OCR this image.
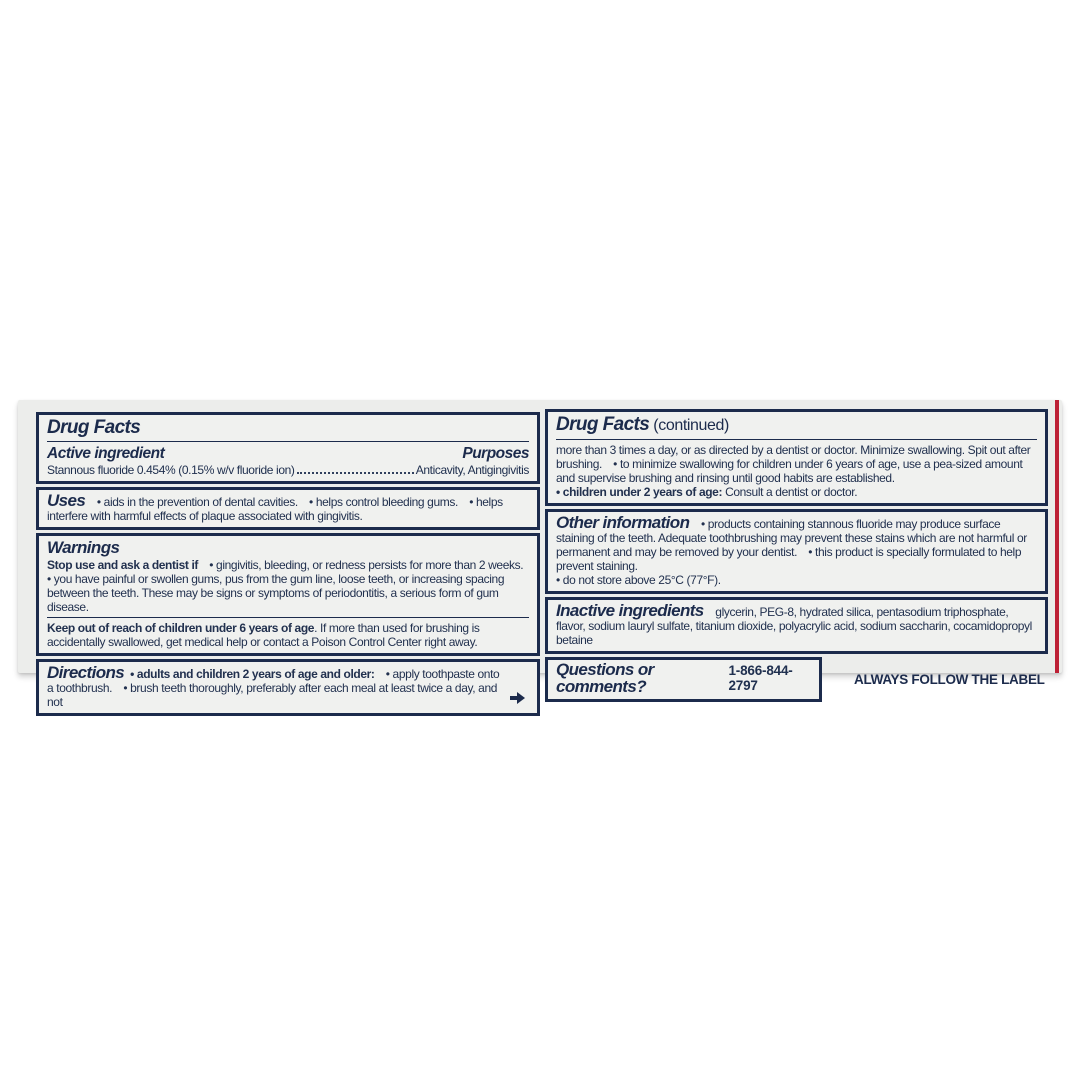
Drug Facts
Active ingredient	Purposes
Stannous fluoride 0.454% (0.15% w/v fluoride ion)	Anticavity, Antigingivitis

Uses • aids in the prevention of dental cavities.  • helps control bleeding gums.  • helps interfere with harmful effects of plaque associated with gingivitis.

Warnings

Stop use and ask a dentist if  • gingivitis, bleeding, or redness persists for more than 2 weeks.

• you have painful or swollen gums, pus from the gum line, loose teeth, or increasing spacing between the teeth. These may be signs or symptoms of periodontitis, a serious form of gum disease.

Keep out of reach of children under 6 years of age. If more than used for brushing is accidentally swallowed, get medical help or contact a Poison Control Center right away.

Directions • adults and children 2 years of age and older:  • apply toothpaste onto a toothbrush.  • brush teeth thoroughly, preferably after each meal at least twice a day, and not

Drug Facts (continued)

more than 3 times a day, or as directed by a dentist or doctor. Minimize swallowing. Spit out after brushing.  • to minimize swallowing for children under 6 years of age, use a pea-sized amount and supervise brushing and rinsing until good habits are established.

• children under 2 years of age: Consult a dentist or doctor.

Other information • products containing stannous fluoride may produce surface staining of the teeth. Adequate toothbrushing may prevent these stains which are not harmful or permanent and may be removed by your dentist.  • this product is specially formulated to help prevent staining.

• do not store above 25°C (77°F).

Inactive ingredients glycerin, PEG-8, hydrated silica, pentasodium triphosphate, flavor, sodium lauryl sulfate, titanium dioxide, polyacrylic acid, sodium saccharin, cocamidopropyl betaine

Questions or comments?
1-866-844-2797	ALWAYS FOLLOW THE LABEL
